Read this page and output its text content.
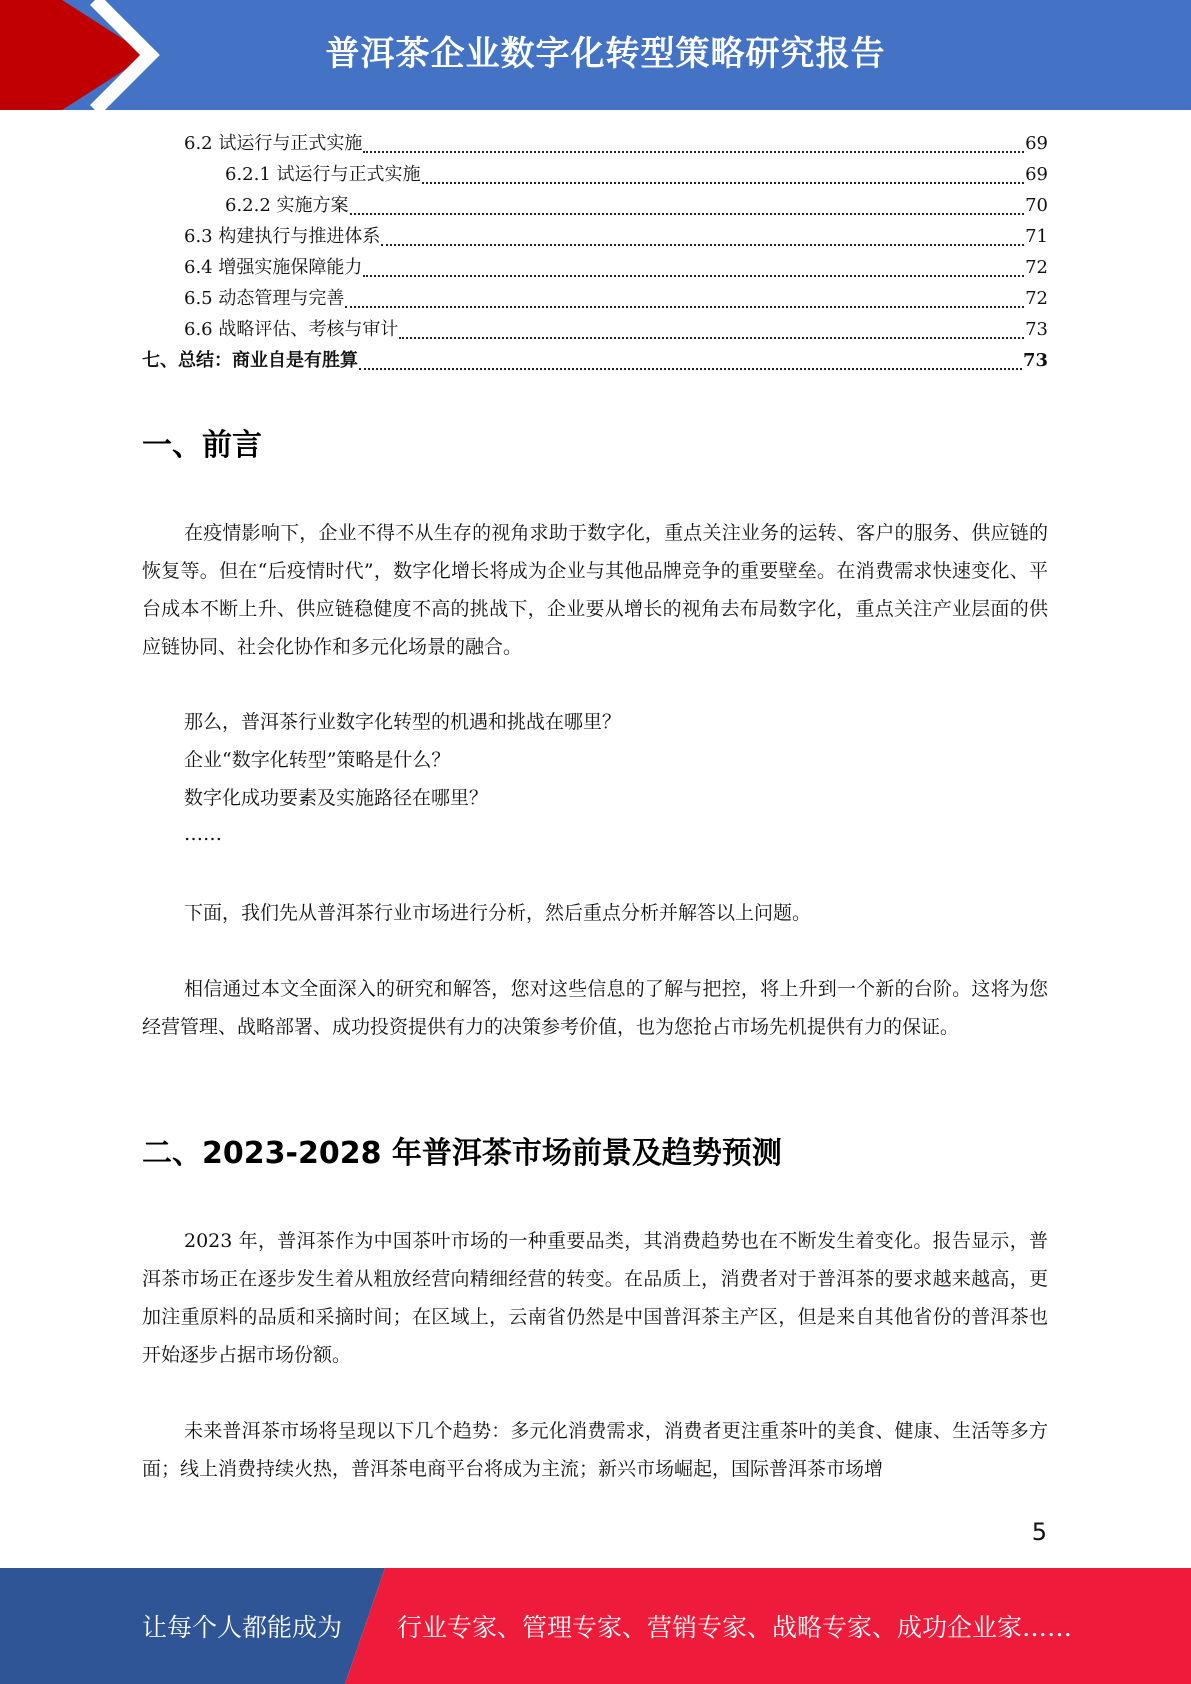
普洱茶企业数字化转型策略研究报告
6.2 试运行与正式实施	69
6.2.1 试运行与正式实施	69
6.2.2 实施方案	70
6.3 构建执行与推进体系	71
6.4 增强实施保障能力	72
6.5 动态管理与完善	72
6.6 战略评估、考核与审计	73
七、总结：商业自是有胜算	73
一、前言

在疫情影响下，企业不得不从生存的视角求助于数字化，重点关注业务的运转、客户的服务、供应链的恢复等。但在“后疫情时代”，数字化增长将成为企业与其他品牌竞争的重要壁垒。在消费需求快速变化、平台成本不断上升、供应链稳健度不高的挑战下，企业要从增长的视角去布局数字化，重点关注产业层面的供应链协同、社会化协作和多元化场景的融合。

那么，普洱茶行业数字化转型的机遇和挑战在哪里？
企业“数字化转型”策略是什么？
数字化成功要素及实施路径在哪里？
……

下面，我们先从普洱茶行业市场进行分析，然后重点分析并解答以上问题。

相信通过本文全面深入的研究和解答，您对这些信息的了解与把控，将上升到一个新的台阶。这将为您经营管理、战略部署、成功投资提供有力的决策参考价值，也为您抢占市场先机提供有力的保证。

二、2023-2028 年普洱茶市场前景及趋势预测

2023 年，普洱茶作为中国茶叶市场的一种重要品类，其消费趋势也在不断发生着变化。报告显示，普洱茶市场正在逐步发生着从粗放经营向精细经营的转变。在品质上，消费者对于普洱茶的要求越来越高，更加注重原料的品质和采摘时间；在区域上，云南省仍然是中国普洱茶主产区，但是来自其他省份的普洱茶也开始逐步占据市场份额。

未来普洱茶市场将呈现以下几个趋势：多元化消费需求，消费者更注重茶叶的美食、健康、生活等多方面；线上消费持续火热，普洱茶电商平台将成为主流；新兴市场崛起，国际普洱茶市场增

5
让每个人都能成为 行业专家、管理专家、营销专家、战略专家、成功企业家……
